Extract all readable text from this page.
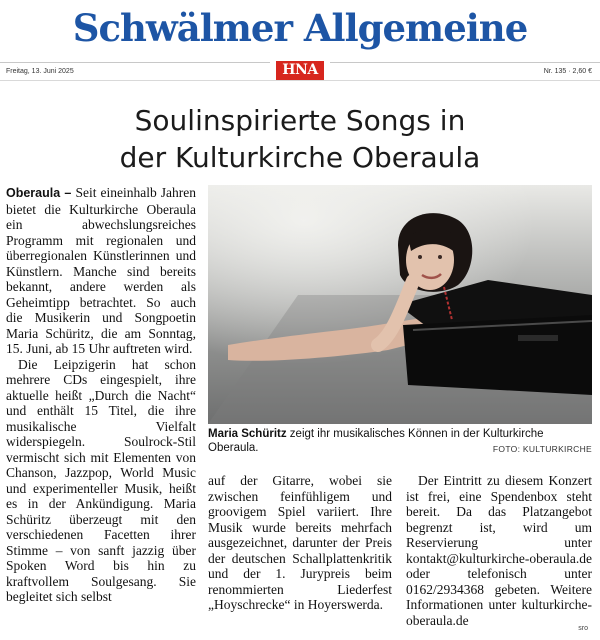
Schwälmer Allgemeine
Freitag, 13. Juni 2025	HNA	Nr. 135 · 2,60 €
Soulinspirierte Songs in
der Kulturkirche Oberaula

Oberaula – Seit eineinhalb Jahren bietet die Kulturkirche Oberaula ein abwechslungsreiches Programm mit regionalen und überregionalen Künstlerinnen und Künstlern. Manche sind bereits bekannt, andere werden als Geheimtipp betrachtet. So auch die Musikerin und Songpoetin Maria Schüritz, die am Sonntag, 15. Juni, ab 15 Uhr auftreten wird.

Die Leipzigerin hat schon mehrere CDs eingespielt, ihre aktuelle heißt „Durch die Nacht“ und enthält 15 Titel, die ihre musikalische Vielfalt widerspiegeln. Soulrock-Stil vermischt sich mit Elementen von Chanson, Jazzpop, World Music und experimenteller Musik, heißt es in der Ankündigung. Maria Schüritz überzeugt mit den verschiedenen Facetten ihrer Stimme – von sanft jazzig über Spoken Word bis hin zu kraftvollem Soulgesang. Sie begleitet sich selbst

Maria Schüritz zeigt ihr musikalisches Können in der Kulturkirche Oberaula.	FOTO: KULTURKIRCHE

auf der Gitarre, wobei sie zwischen feinfühligem und groovigem Spiel variiert. Ihre Musik wurde bereits mehrfach ausgezeichnet, darunter der Preis der deutschen Schallplattenkritik und der 1. Jurypreis beim renommierten Liederfest „Hoyschrecke“ in Hoyerswerda.

Der Eintritt zu diesem Konzert ist frei, eine Spendenbox steht bereit. Da das Platzangebot begrenzt ist, wird um Reservierung unter kontakt@kulturkirche-oberaula.de oder telefonisch unter 0162/2934368 gebeten. Weitere Informationen unter kulturkirche-oberaula.de

sro
